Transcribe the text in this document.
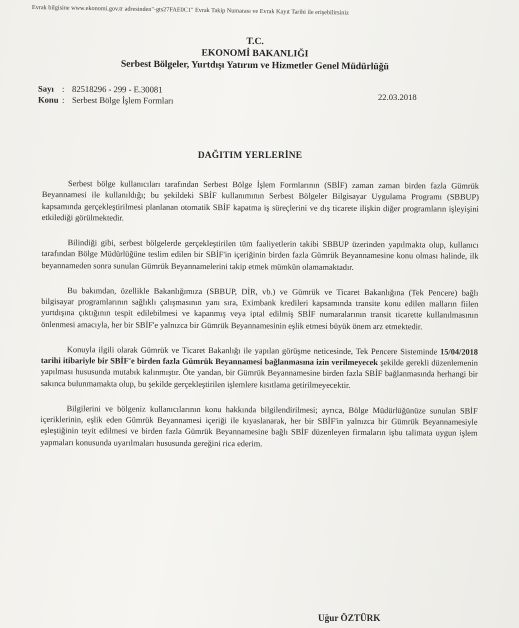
Evrak bilgisine www.ekonomi.gov.tr adresinden"-gts27FAE0C1" Evrak Takip Numarası ve Evrak Kayıt Tarihi ile erişebilirsiniz
T.C.
EKONOMİ BAKANLIĞI
Serbest Bölgeler, Yurtdışı Yatırım ve Hizmetler Genel Müdürlüğü
Sayı : 82518296 - 299 - E.30081
Konu : Serbest Bölge İşlem Formları	22.03.2018
DAĞITIM YERLERİNE

Serbest bölge kullanıcıları tarafından Serbest Bölge İşlem Formlarının (SBİF) zaman zaman birden fazla Gümrük Beyannamesi ile kullanıldığı; bu şekildeki SBİF kullanımının Serbest Bölgeler Bilgisayar Uygulama Programı (SBBUP) kapsamında gerçekleştirilmesi planlanan otomatik SBİF kapatma iş süreçlerini ve dış ticarete ilişkin diğer programların işleyişini etkilediği görülmektedir.

Bilindiği gibi, serbest bölgelerde gerçekleştirilen tüm faaliyetlerin takibi SBBUP üzerinden yapılmakta olup, kullanıcı tarafından Bölge Müdürlüğüne teslim edilen bir SBİF'in içeriğinin birden fazla Gümrük Beyannamesine konu olması halinde, ilk beyannameden sonra sunulan Gümrük Beyannamelerini takip etmek mümkün olamamaktadır.

Bu bakımdan, özellikle Bakanlığımıza (SBBUP, DİR, vb.) ve Gümrük ve Ticaret Bakanlığına (Tek Pencere) bağlı bilgisayar programlarının sağlıklı çalışmasının yanı sıra, Eximbank kredileri kapsamında transite konu edilen malların fiilen yurtdışına çıktığının tespit edilebilmesi ve kapanmış veya iptal edilmiş SBİF numaralarının transit ticarette kullanılmasının önlenmesi amacıyla, her bir SBİF'e yalnızca bir Gümrük Beyannamesinin eşlik etmesi büyük önem arz etmektedir.

Konuyla ilgili olarak Gümrük ve Ticaret Bakanlığı ile yapılan görüşme neticesinde, Tek Pencere Sisteminde 15/04/2018 tarihi itibariyle bir SBİF'e birden fazla Gümrük Beyannamesi bağlanmasına izin verilmeyecek şekilde gerekli düzenlemenin yapılması hususunda mutabık kalınmıştır. Öte yandan, bir Gümrük Beyannamesine birden fazla SBİF bağlanmasında herhangi bir sakınca bulunmamakta olup, bu şekilde gerçekleştirilen işlemlere kısıtlama getirilmeyecektir.

Bilgilerini ve bölgeniz kullanıcılarının konu hakkında bilgilendirilmesi; ayrıca, Bölge Müdürlüğünüze sunulan SBİF içeriklerinin, eşlik eden Gümrük Beyannamesi içeriği ile kıyaslanarak, her bir SBİF'in yalnızca bir Gümrük Beyannamesiyle eşleştiğinin teyit edilmesi ve birden fazla Gümrük Beyannamesine bağlı SBİF düzenleyen firmaların işbu talimata uygun işlem yapmaları konusunda uyarılmaları hususunda gereğini rica ederim.

Uğur ÖZTÜRK
